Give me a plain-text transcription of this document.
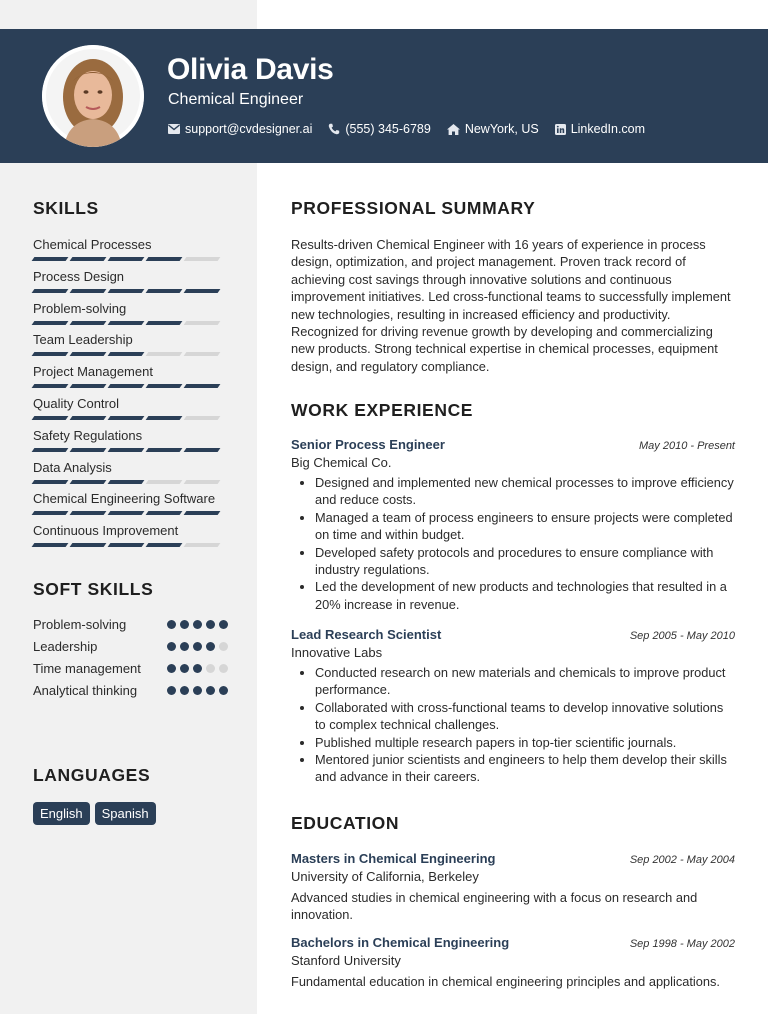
Olivia Davis
Chemical Engineer
support@cvdesigner.ai	(555) 345-6789	NewYork, US	LinkedIn.com
SKILLS
Chemical Processes
Process Design
Problem-solving
Team Leadership
Project Management
Quality Control
Safety Regulations
Data Analysis
Chemical Engineering Software
Continuous Improvement
SOFT SKILLS
Problem-solving
Leadership
Time management
Analytical thinking
LANGUAGES
English	Spanish
PROFESSIONAL SUMMARY
Results-driven Chemical Engineer with 16 years of experience in process design, optimization, and project management. Proven track record of achieving cost savings through innovative solutions and continuous improvement initiatives. Led cross-functional teams to successfully implement new technologies, resulting in increased efficiency and productivity. Recognized for driving revenue growth by developing and commercializing new products. Strong technical expertise in chemical processes, equipment design, and regulatory compliance.
WORK EXPERIENCE
Senior Process Engineer	May 2010 - Present
Big Chemical Co.
• Designed and implemented new chemical processes to improve efficiency and reduce costs.
• Managed a team of process engineers to ensure projects were completed on time and within budget.
• Developed safety protocols and procedures to ensure compliance with industry regulations.
• Led the development of new products and technologies that resulted in a 20% increase in revenue.
Lead Research Scientist	Sep 2005 - May 2010
Innovative Labs
• Conducted research on new materials and chemicals to improve product performance.
• Collaborated with cross-functional teams to develop innovative solutions to complex technical challenges.
• Published multiple research papers in top-tier scientific journals.
• Mentored junior scientists and engineers to help them develop their skills and advance in their careers.
EDUCATION
Masters in Chemical Engineering	Sep 2002 - May 2004
University of California, Berkeley
Advanced studies in chemical engineering with a focus on research and innovation.
Bachelors in Chemical Engineering	Sep 1998 - May 2002
Stanford University
Fundamental education in chemical engineering principles and applications.
